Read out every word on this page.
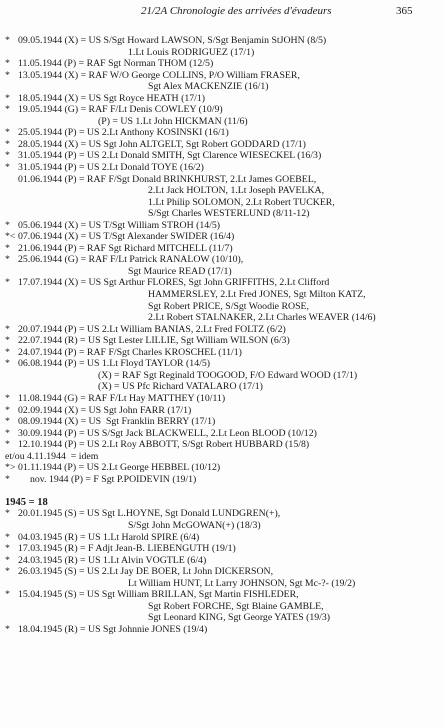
21/2A Chronologie des arrivées d'évadeurs	365
* 09.05.1944 (X) = US S/Sgt Howard LAWSON, S/Sgt Benjamin StJOHN (8/5)
1.Lt Louis RODRIGUEZ (17/1)
* 11.05.1944 (P) = RAF Sgt Norman THOM (12/5)
* 13.05.1944 (X) = RAF W/O George COLLINS, P/O William FRASER,
Sgt Alex MACKENZIE (16/1)
* 18.05.1944 (X) = US Sgt Royce HEATH (17/1)
* 19.05.1944 (G) = RAF F/Lt Denis COWLEY (10/9)
(P) = US 1.Lt John HICKMAN (11/6)
* 25.05.1944 (P) = US 2.Lt Anthony KOSINSKI (16/1)
* 28.05.1944 (X) = US Sgt John ALTGELT, Sgt Robert GODDARD (17/1)
* 31.05.1944 (P) = US 2.Lt Donald SMITH, Sgt Clarence WIESECKEL (16/3)
* 31.05.1944 (P) = US 2.Lt Donald TOYE (16/2)
01.06.1944 (P) = RAF F/Sgt Donald BRINKHURST, 2.Lt James GOEBEL,
2.Lt Jack HOLTON, 1.Lt Joseph PAVELKA,
1.Lt Philip SOLOMON, 2.Lt Robert TUCKER,
S/Sgt Charles WESTERLUND (8/11-12)
* 05.06.1944 (X) = US T/Sgt William STROH (14/5)
*< 07.06.1944 (X) = US T/Sgt Alexander SWIDER (16/4)
* 21.06.1944 (P) = RAF Sgt Richard MITCHELL (11/7)
* 25.06.1944 (G) = RAF F/Lt Patrick RANALOW (10/10),
Sgt Maurice READ (17/1)
* 17.07.1944 (X) = US Sgt Arthur FLORES, Sgt John GRIFFITHS, 2.Lt Clifford
HAMMERSLEY, 2.Lt Fred JONES, Sgt Milton KATZ,
Sgt Robert PRICE, S/Sgt Woodie ROSE,
2.Lt Robert STALNAKER, 2.Lt Charles WEAVER (14/6)
* 20.07.1944 (P) = US 2.Lt William BANIAS, 2.Lt Fred FOLTZ (6/2)
* 22.07.1944 (R) = US Sgt Lester LILLIE, Sgt William WILSON (6/3)
* 24.07.1944 (P) = RAF F/Sgt Charles KROSCHEL (11/1)
* 06.08.1944 (P) = US 1.Lt Floyd TAYLOR (14/5)
(X) = RAF Sgt Reginald TOOGOOD, F/O Edward WOOD (17/1)
(X) = US Pfc Richard VATALARO (17/1)
* 11.08.1944 (G) = RAF F/Lt Hay MATTHEY (10/11)
* 02.09.1944 (X) = US Sgt John FARR (17/1)
* 08.09.1944 (X) = US  Sgt Franklin BERRY (17/1)
* 30.09.1944 (P) = US S/Sgt Jack BLACKWELL, 2.Lt Leon BLOOD (10/12)
* 12.10.1944 (P) = US 2.Lt Roy ABBOTT, S/Sgt Robert HUBBARD (15/8)
et/ou 4.11.1944  = idem
*> 01.11.1944 (P) = US 2.Lt George HEBBEL (10/12)
* nov. 1944 (P) = F Sgt P.POIDEVIN (19/1)
1945 = 18
* 20.01.1945 (S) = US Sgt L.HOYNE, Sgt Donald LUNDGREN(+),
S/Sgt John McGOWAN(+) (18/3)
* 04.03.1945 (R) = US 1.Lt Harold SPIRE (6/4)
* 17.03.1945 (R) = F Adjt Jean-B. LIEBENGUTH (19/1)
* 24.03.1945 (R) = US 1.Lt Alvin VOGTLE (6/4)
* 26.03.1945 (S) = US 2.Lt Jay DE BOER, Lt John DICKERSON,
Lt William HUNT, Lt Larry JOHNSON, Sgt Mc-?- (19/2)
* 15.04.1945 (S) = US Sgt William BRILLAN, Sgt Martin FISHLEDER,
Sgt Robert FORCHE, Sgt Blaine GAMBLE,
Sgt Leonard KING, Sgt George YATES (19/3)
* 18.04.1945 (R) = US Sgt Johnnie JONES (19/4)
